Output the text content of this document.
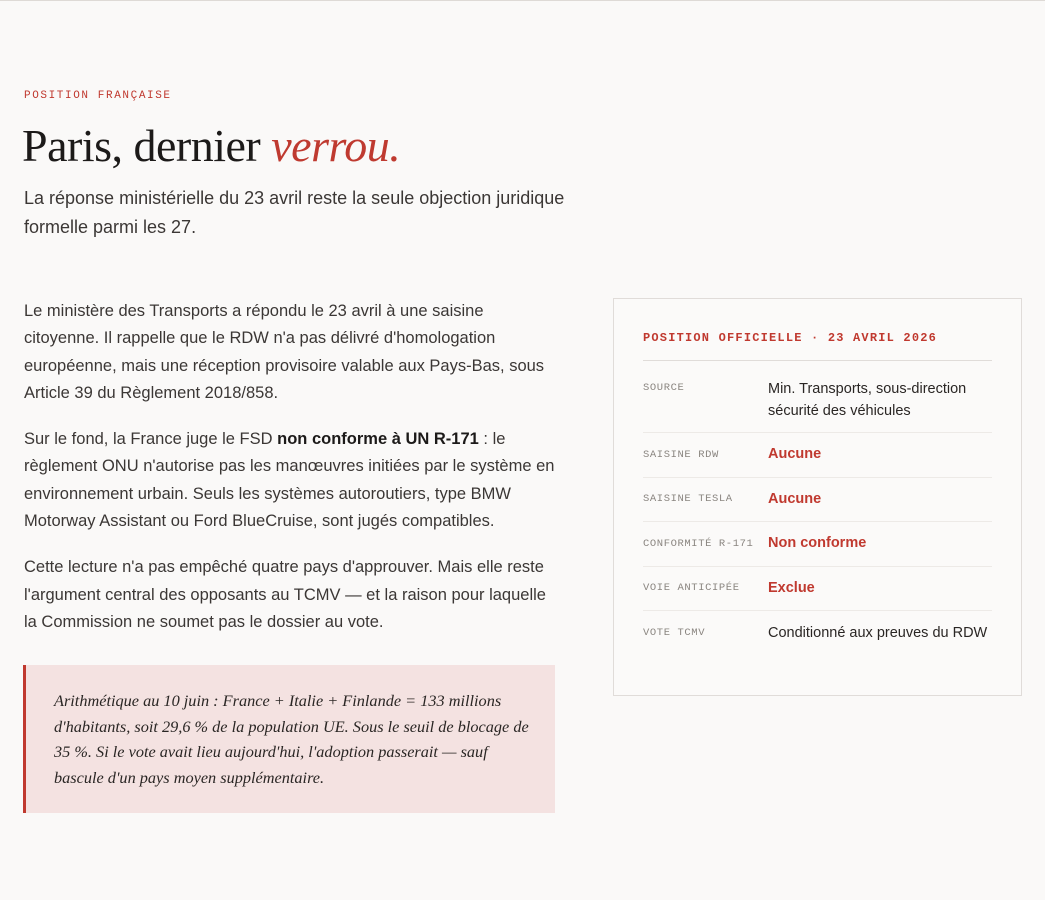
POSITION FRANÇAISE
Paris, dernier verrou.

La réponse ministérielle du 23 avril reste la seule objection juridique formelle parmi les 27.

Le ministère des Transports a répondu le 23 avril à une saisine citoyenne. Il rappelle que le RDW n'a pas délivré d'homologation européenne, mais une réception provisoire valable aux Pays-Bas, sous Article 39 du Règlement 2018/858.

Sur le fond, la France juge le FSD non conforme à UN R-171 : le règlement ONU n'autorise pas les manœuvres initiées par le système en environnement urbain. Seuls les systèmes autoroutiers, type BMW Motorway Assistant ou Ford BlueCruise, sont jugés compatibles.

Cette lecture n'a pas empêché quatre pays d'approuver. Mais elle reste l'argument central des opposants au TCMV — et la raison pour laquelle la Commission ne soumet pas le dossier au vote.

Arithmétique au 10 juin : France + Italie + Finlande = 133 millions d'habitants, soit 29,6 % de la population UE. Sous le seuil de blocage de 35 %. Si le vote avait lieu aujourd'hui, l'adoption passerait — sauf bascule d'un pays moyen supplémentaire.

POSITION OFFICIELLE · 23 AVRIL 2026
SOURCE	Min. Transports, sous-direction sécurité des véhicules
SAISINE RDW	Aucune
SAISINE TESLA	Aucune
CONFORMITÉ R-171	Non conforme
VOIE ANTICIPÉE	Exclue
VOTE TCMV	Conditionné aux preuves du RDW
